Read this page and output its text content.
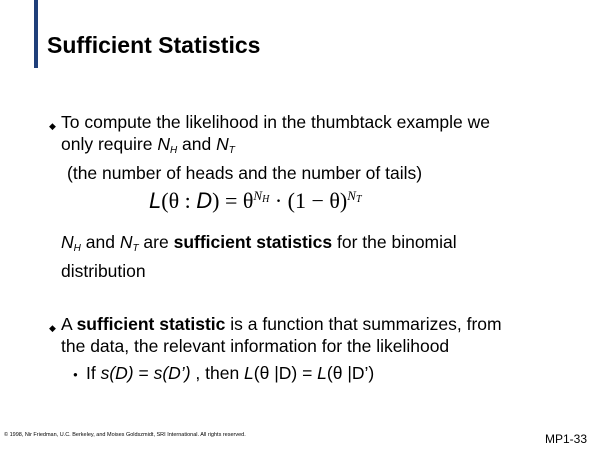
Sufficient Statistics
◆ To compute the likelihood in the thumbtack example we
only require $N_H$ and $N_T$
(the number of heads and the number of tails)
L(θ : $D) = \theta^{NH} \cdot (1 - \theta)^{NT}$
$N_H$ and $N_T$ are sufficient statistics for the binomial
distribution
◆ A sufficient statistic is a function that summarizes, from
the data, the relevant information for the likelihood
● If s(D) = s(D’) , then L(θ |D) = L(θ |D’)
© 1998, Nir Friedman, U.C. Berkeley, and Moises Goldszmidt, SRI International. All rights reserved.	MP1-33
